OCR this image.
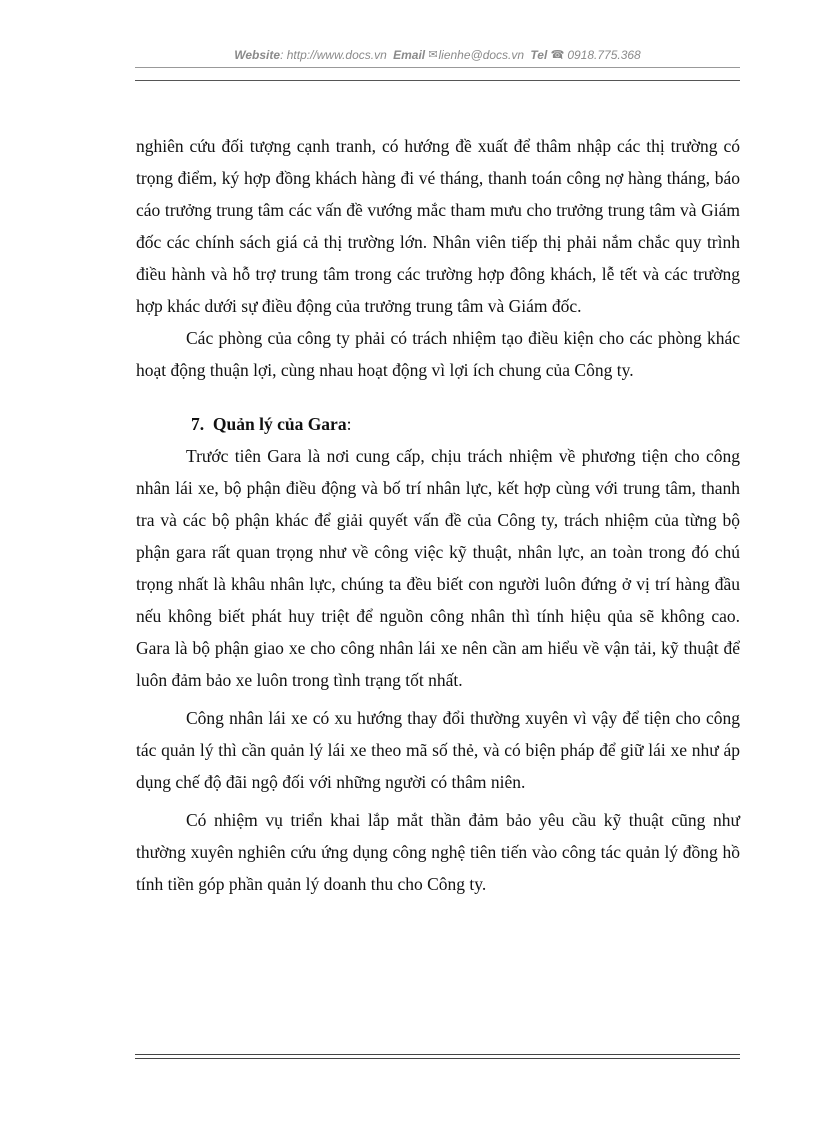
Website: http://www.docs.vn Email ✉ lienhe@docs.vn Tel ☎ : 0918.775.368

nghiên cứu đối tượng cạnh tranh, có hướng đề xuất để thâm nhập các thị trường có trọng điểm, ký hợp đồng khách hàng đi vé tháng, thanh toán công nợ hàng tháng, báo cáo trưởng trung tâm các vấn đề vướng mắc tham mưu cho trưởng trung tâm và Giám đốc các chính sách giá cả thị trường lớn. Nhân viên tiếp thị phải nắm chắc quy trình điều hành và hỗ trợ trung tâm trong các trường hợp đông khách, lễ tết và các trường hợp khác dưới sự điều động của trưởng trung tâm và Giám đốc.

Các phòng của công ty phải có trách nhiệm tạo điều kiện cho các phòng khác hoạt động thuận lợi, cùng nhau hoạt động vì lợi ích chung của Công ty.

7. Quản lý của Gara:

Trước tiên Gara là nơi cung cấp, chịu trách nhiệm về phương tiện cho công nhân lái xe, bộ phận điều động và bố trí nhân lực, kết hợp cùng với trung tâm, thanh tra và các bộ phận khác để giải quyết vấn đề của Công ty, trách nhiệm của từng bộ phận gara rất quan trọng như về công việc kỹ thuật, nhân lực, an toàn trong đó chú trọng nhất là khâu nhân lực, chúng ta đều biết con người luôn đứng ở vị trí hàng đầu nếu không biết phát huy triệt để nguồn công nhân thì tính hiệu qủa sẽ không cao. Gara là bộ phận giao xe cho công nhân lái xe nên cần am hiểu về vận tải, kỹ thuật để luôn đảm bảo xe luôn trong tình trạng tốt nhất.

Công nhân lái xe có xu hướng thay đổi thường xuyên vì vậy để tiện cho công tác quản lý thì cần quản lý lái xe theo mã số thẻ, và có biện pháp để giữ lái xe như áp dụng chế độ đãi ngộ đối với những người có thâm niên.

Có nhiệm vụ triển khai lắp mắt thần đảm bảo yêu cầu kỹ thuật cũng như thường xuyên nghiên cứu ứng dụng công nghệ tiên tiến vào công tác quản lý đồng hồ tính tiền góp phần quản lý doanh thu cho Công ty.
